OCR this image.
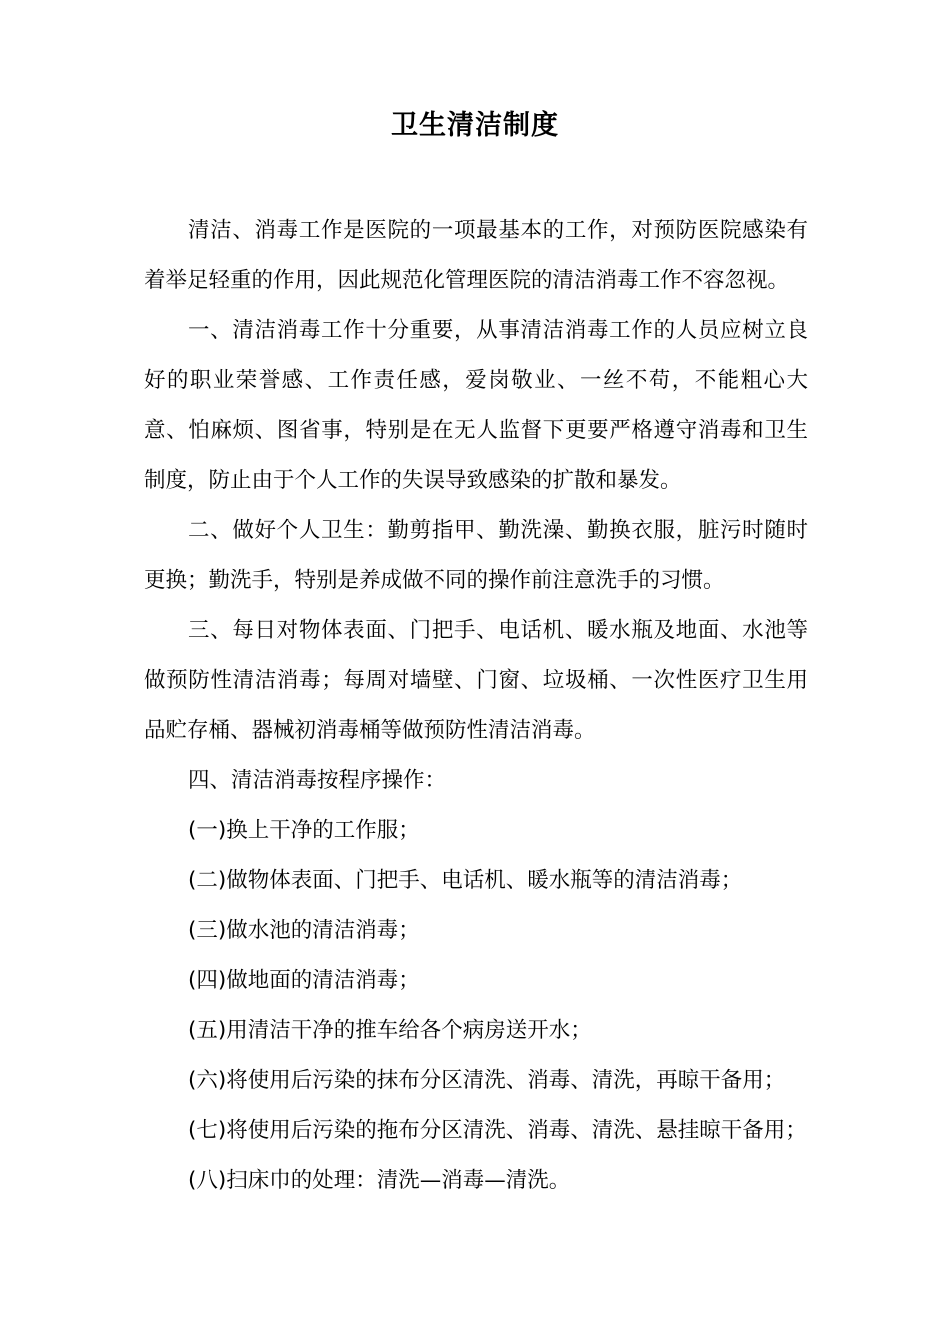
卫生清洁制度

清洁、消毒工作是医院的一项最基本的工作，对预防医院感染有着举足轻重的作用，因此规范化管理医院的清洁消毒工作不容忽视。

一、清洁消毒工作十分重要，从事清洁消毒工作的人员应树立良好的职业荣誉感、工作责任感，爱岗敬业、一丝不苟，不能粗心大意、怕麻烦、图省事，特别是在无人监督下更要严格遵守消毒和卫生制度，防止由于个人工作的失误导致感染的扩散和暴发。

二、做好个人卫生：勤剪指甲、勤洗澡、勤换衣服，脏污时随时更换；勤洗手，特别是养成做不同的操作前注意洗手的习惯。

三、每日对物体表面、门把手、电话机、暖水瓶及地面、水池等做预防性清洁消毒；每周对墙壁、门窗、垃圾桶、一次性医疗卫生用品贮存桶、器械初消毒桶等做预防性清洁消毒。

四、清洁消毒按程序操作：

(一)换上干净的工作服；

(二)做物体表面、门把手、电话机、暖水瓶等的清洁消毒；

(三)做水池的清洁消毒；

(四)做地面的清洁消毒；

(五)用清洁干净的推车给各个病房送开水；

(六)将使用后污染的抹布分区清洗、消毒、清洗，再晾干备用；

(七)将使用后污染的拖布分区清洗、消毒、清洗、悬挂晾干备用；

(八)扫床巾的处理：清洗—消毒—清洗。
